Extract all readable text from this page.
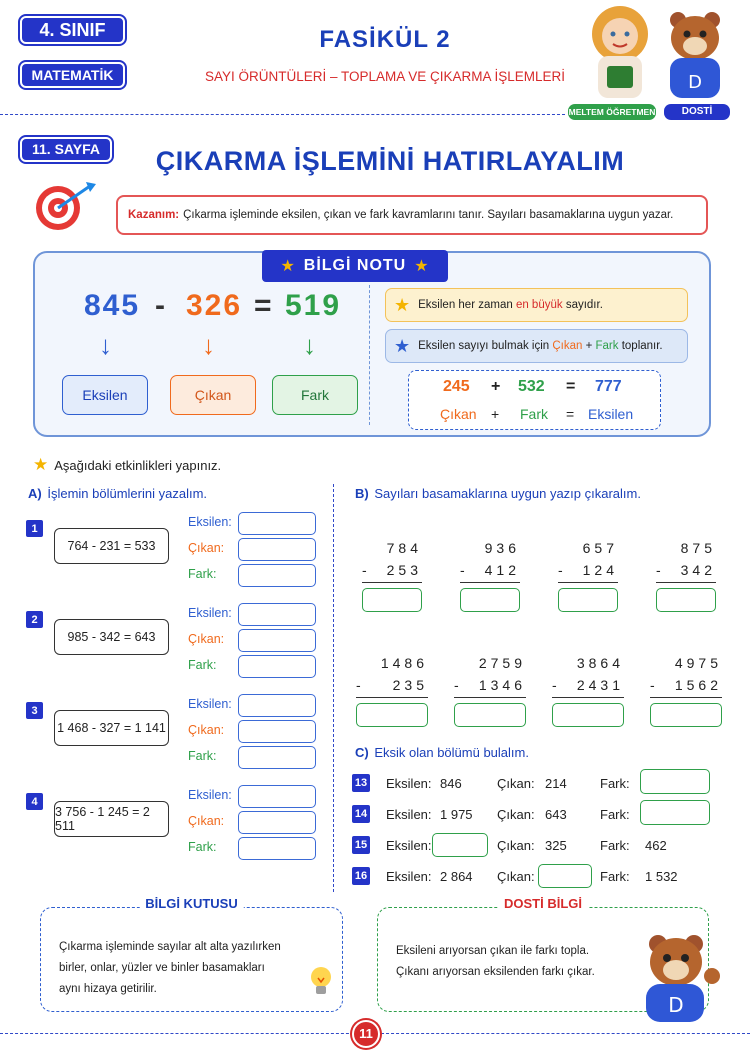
4. SINIF
MATEMATİK
FASİKÜL 2
SAYI ÖRÜNTÜLERİ – TOPLAMA VE ÇIKARMA İŞLEMLERİ	D
MELTEM ÖĞRETMEN	DOSTİ
11. SAYFA	ÇIKARMA İŞLEMİNİ HATIRLAYALIM
Kazanım: Çıkarma işleminde eksilen, çıkan ve fark kavramlarını tanır. Sayıları basamaklarına uygun yazar.
★ BİLGİ NOTU ★
845 - 326 = 519
↓	↓	↓
Eksilen	Çıkan	Fark
★ Eksilen her zaman en büyük sayıdır.
★ Eksilen sayıyı bulmak için Çıkan + Fark toplanır.
245 + 532 = 777
Çıkan + Fark = Eksilen
★ Aşağıdaki etkinlikleri yapınız.
A) İşlemin bölümlerini yazalım.
1
764 - 231 = 533
Eksilen:
Çıkan:
Fark:
2
985 - 342 = 643
Eksilen:
Çıkan:
Fark:
3
1 468 - 327 = 1 141
Eksilen:
Çıkan:
Fark:
4
3 756 - 1 245 = 2 511
Eksilen:
Çıkan:
Fark:
B) Sayıları basamaklarına uygun yazıp çıkaralım.
784
-	253
936
-	412
657
-	124
875
-	342
1486
-	235
2759
-	1346
3864
-	2431
4975
-	1562
C) Eksik olan bölümü bulalım.
13 Eksilen: 846	Çıkan: 214	Fark:
14 Eksilen: 1 975 Çıkan: 643	Fark:
15 Eksilen:	Çıkan: 325	Fark: 462
16 Eksilen: 2 864 Çıkan:	Fark: 1 532
BİLGİ KUTUSU
Çıkarma işleminde sayılar alt alta yazılırken
birler, onlar, yüzler ve binler basamakları
aynı hizaya getirilir.
DOSTİ BİLGİ
Eksileni arıyorsan çıkan ile farkı topla.
Çıkanı arıyorsan eksilenden farkı çıkar.
D
11
